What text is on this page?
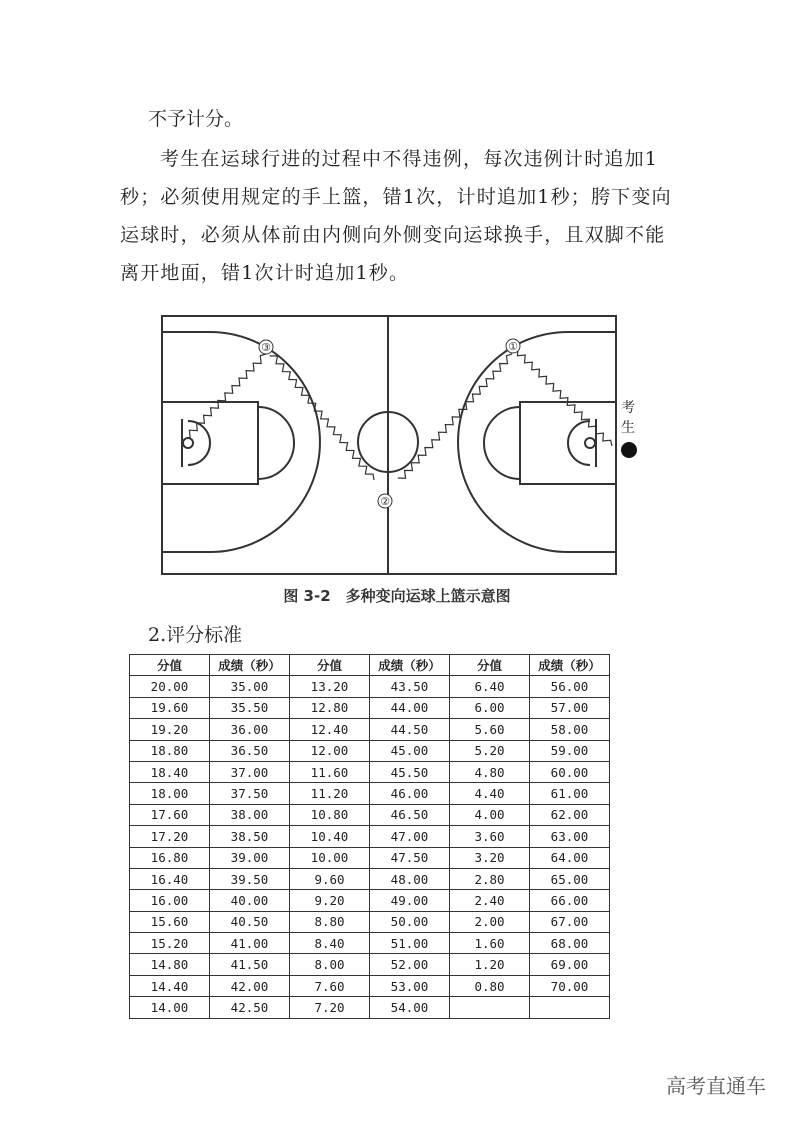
不予计分。

考生在运球行进的过程中不得违例，每次违例计时追加1秒；必须使用规定的手上篮，错1次，计时追加1秒；胯下变向运球时，必须从体前由内侧向外侧变向运球换手，且双脚不能离开地面，错1次计时追加1秒。

③
②
①
考生
图 3-2　多种变向运球上篮示意图
2.评分标准
分值	成绩（秒）	分值	成绩（秒）	分值	成绩（秒）
20.00	35.00	13.20	43.50	6.40	56.00
19.60	35.50	12.80	44.00	6.00	57.00
19.20	36.00	12.40	44.50	5.60	58.00
18.80	36.50	12.00	45.00	5.20	59.00
18.40	37.00	11.60	45.50	4.80	60.00
18.00	37.50	11.20	46.00	4.40	61.00
17.60	38.00	10.80	46.50	4.00	62.00
17.20	38.50	10.40	47.00	3.60	63.00
16.80	39.00	10.00	47.50	3.20	64.00
16.40	39.50	9.60	48.00	2.80	65.00
16.00	40.00	9.20	49.00	2.40	66.00
15.60	40.50	8.80	50.00	2.00	67.00
15.20	41.00	8.40	51.00	1.60	68.00
14.80	41.50	8.00	52.00	1.20	69.00
14.40	42.00	7.60	53.00	0.80	70.00
14.00	42.50	7.20	54.00		
高考直通车
